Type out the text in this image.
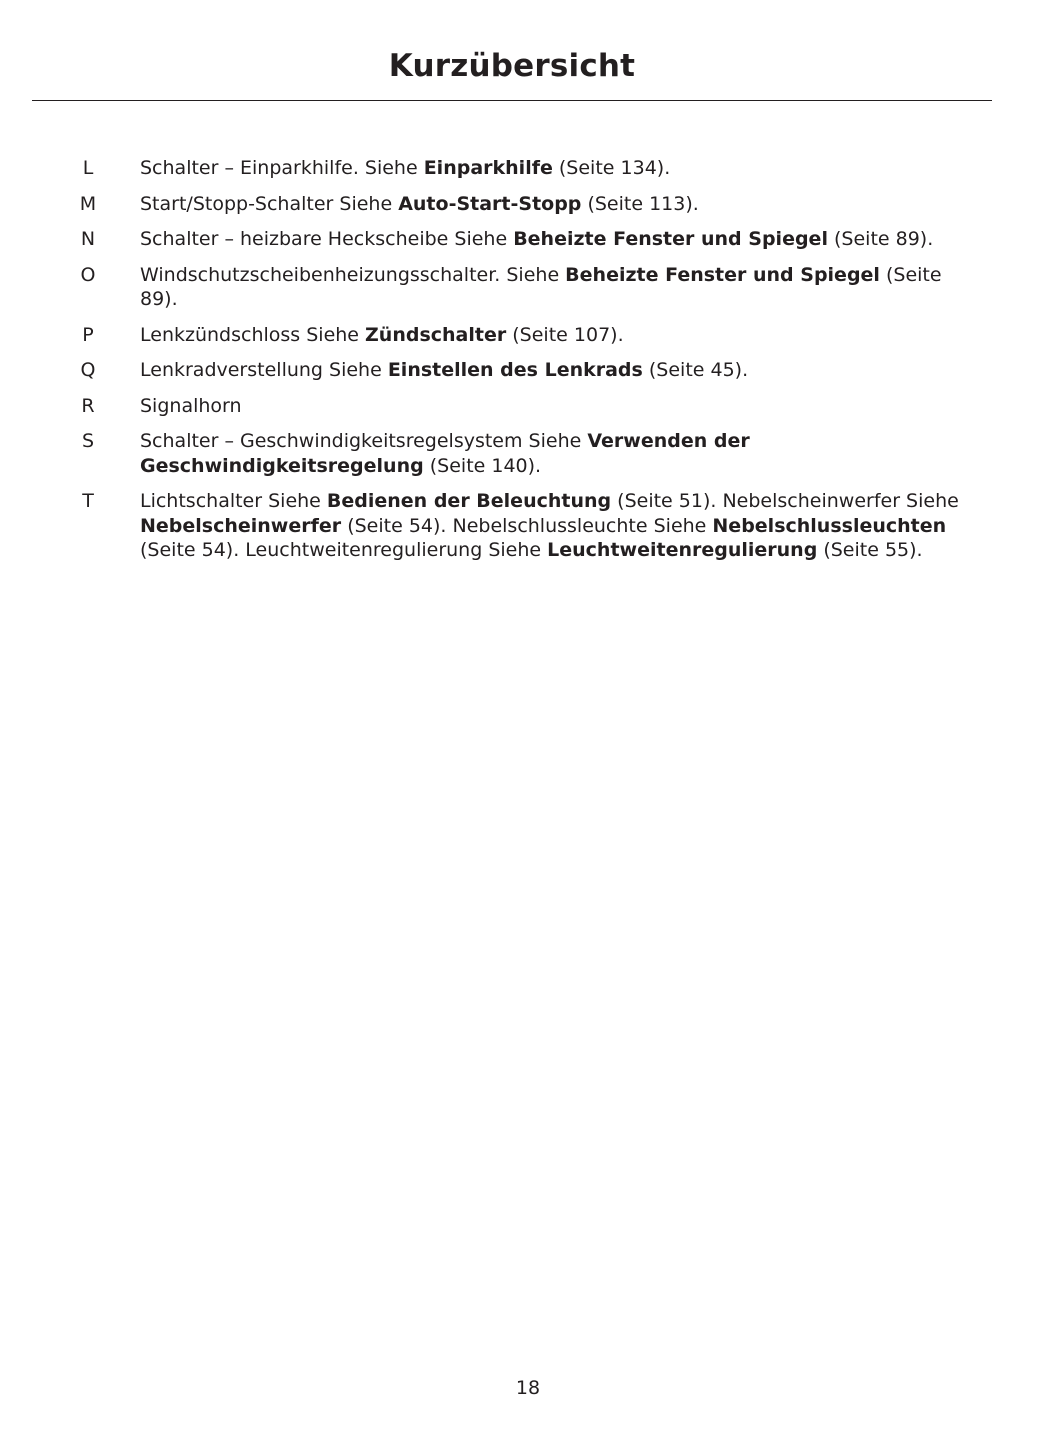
Kurzübersicht
L	Schalter – Einparkhilfe. Siehe Einparkhilfe (Seite 134).
M	Start/Stopp-Schalter Siehe Auto-Start-Stopp (Seite 113).
N	Schalter – heizbare Heckscheibe Siehe Beheizte Fenster und Spiegel (Seite 89).
O	Windschutzscheibenheizungsschalter. Siehe Beheizte Fenster und Spiegel (Seite 89).
P	Lenkzündschloss Siehe Zündschalter (Seite 107).
Q	Lenkradverstellung Siehe Einstellen des Lenkrads (Seite 45).
R	Signalhorn
S	Schalter – Geschwindigkeitsregelsystem Siehe Verwenden der Geschwindigkeitsregelung (Seite 140).
T	Lichtschalter Siehe Bedienen der Beleuchtung (Seite 51). Nebelscheinwerfer Siehe Nebelscheinwerfer (Seite 54). Nebelschlussleuchte Siehe Nebelschlussleuchten (Seite 54). Leuchtweitenregulierung Siehe Leuchtweitenregulierung (Seite 55).
18
